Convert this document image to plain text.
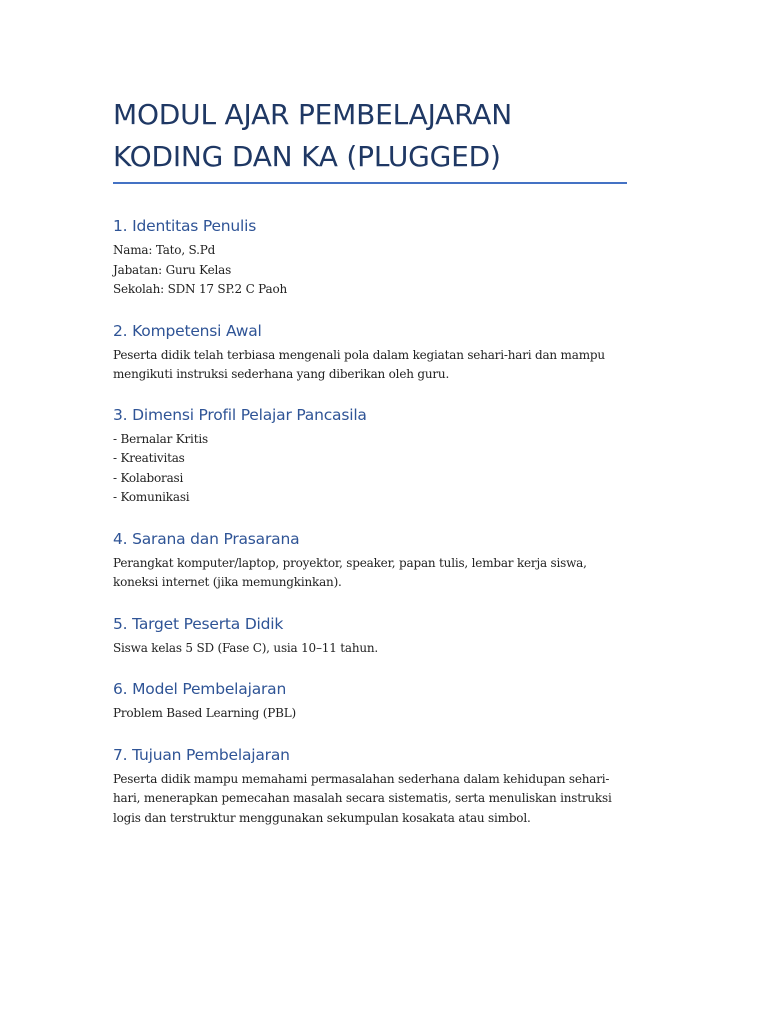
MODUL AJAR PEMBELAJARAN KODING DAN KA (PLUGGED)
1. Identitas Penulis
Nama: Tato, S.Pd
Jabatan: Guru Kelas
Sekolah: SDN 17 SP.2 C Paoh
2. Kompetensi Awal

Peserta didik telah terbiasa mengenali pola dalam kegiatan sehari-hari dan mampu mengikuti instruksi sederhana yang diberikan oleh guru.

3. Dimensi Profil Pelajar Pancasila
- Bernalar Kritis
- Kreativitas
- Kolaborasi
- Komunikasi
4. Sarana dan Prasarana

Perangkat komputer/laptop, proyektor, speaker, papan tulis, lembar kerja siswa, koneksi internet (jika memungkinkan).

5. Target Peserta Didik

Siswa kelas 5 SD (Fase C), usia 10–11 tahun.

6. Model Pembelajaran

Problem Based Learning (PBL)

7. Tujuan Pembelajaran

Peserta didik mampu memahami permasalahan sederhana dalam kehidupan sehari-hari, menerapkan pemecahan masalah secara sistematis, serta menuliskan instruksi logis dan terstruktur menggunakan sekumpulan kosakata atau simbol.
